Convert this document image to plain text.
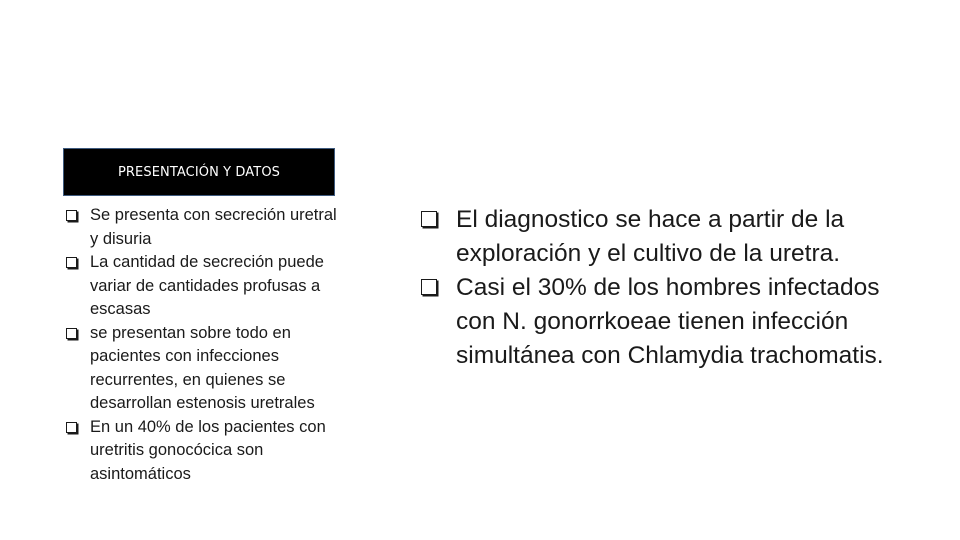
PRESENTACIÓN Y DATOS
Se presenta con secreción uretral y disuria
La cantidad de secreción puede variar de cantidades profusas a escasas
se presentan sobre todo en pacientes con infecciones recurrentes, en quienes se desarrollan estenosis uretrales
En un 40% de los pacientes con uretritis gonocócica son asintomáticos
El diagnostico se hace a partir de la exploración y el cultivo de la uretra.
Casi el 30% de los hombres infectados con N. gonorrkoeae tienen infección simultánea con Chlamydia trachomatis.
